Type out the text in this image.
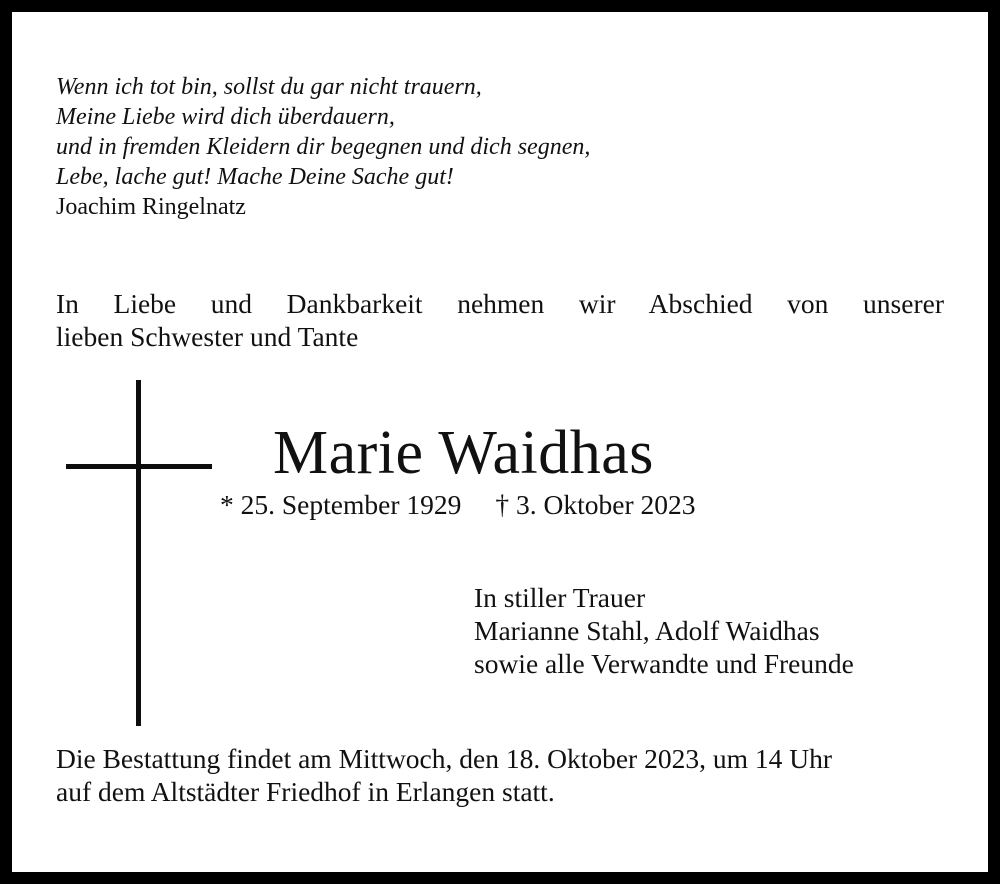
Wenn ich tot bin, sollst du gar nicht trauern,
Meine Liebe wird dich überdauern,
und in fremden Kleidern dir begegnen und dich segnen,
Lebe, lache gut! Mache Deine Sache gut!
Joachim Ringelnatz
In Liebe und Dankbarkeit nehmen wir Abschied von unserer
lieben Schwester und Tante
Marie Waidhas
* 25. September 1929 † 3. Oktober 2023
In stiller Trauer
Marianne Stahl, Adolf Waidhas
sowie alle Verwandte und Freunde
Die Bestattung findet am Mittwoch, den 18. Oktober 2023, um 14 Uhr
auf dem Altstädter Friedhof in Erlangen statt.
